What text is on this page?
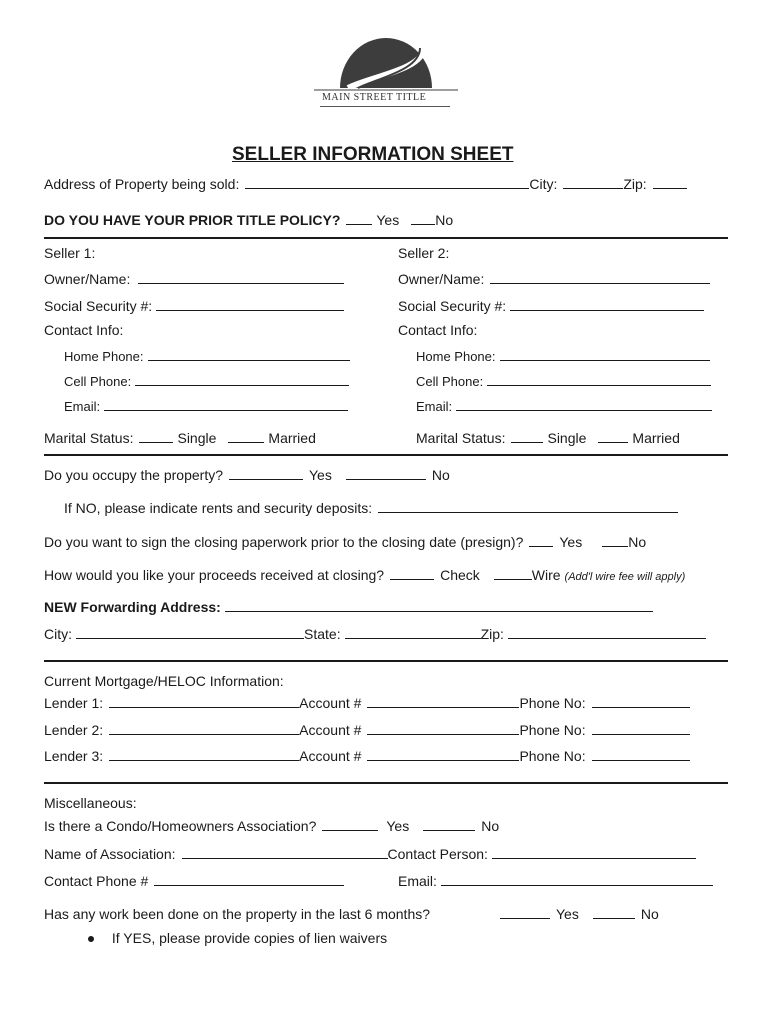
MAIN STREET TITLE
SELLER INFORMATION SHEET
Address of Property being sold:	City:	Zip:
DO YOU HAVE YOUR PRIOR TITLE POLICY?	Yes	No
Seller 1:
Owner/Name:
Social Security #:
Contact Info:
Home Phone:
Cell Phone:
Email:
Marital Status:	Single	Married
Seller 2:
Owner/Name:
Social Security #:
Contact Info:
Home Phone:
Cell Phone:
Email:
Marital Status:	Single	Married
Do you occupy the property?	Yes	No
If NO, please indicate rents and security deposits:
Do you want to sign the closing paperwork prior to the closing date (presign)?	Yes	No
How would you like your proceeds received at closing?	Check	Wire (Add'l wire fee will apply)
NEW Forwarding Address:
City:	State:	Zip:
Current Mortgage/HELOC Information:
Lender 1:	Account #	Phone No:
Lender 2:	Account #	Phone No:
Lender 3:	Account #	Phone No:
Miscellaneous:
Is there a Condo/Homeowners Association?	Yes	No
Name of Association:	Contact Person:
Contact Phone #	Email:
Has any work been done on the property in the last 6 months?	Yes	No
If YES, please provide copies of lien waivers
